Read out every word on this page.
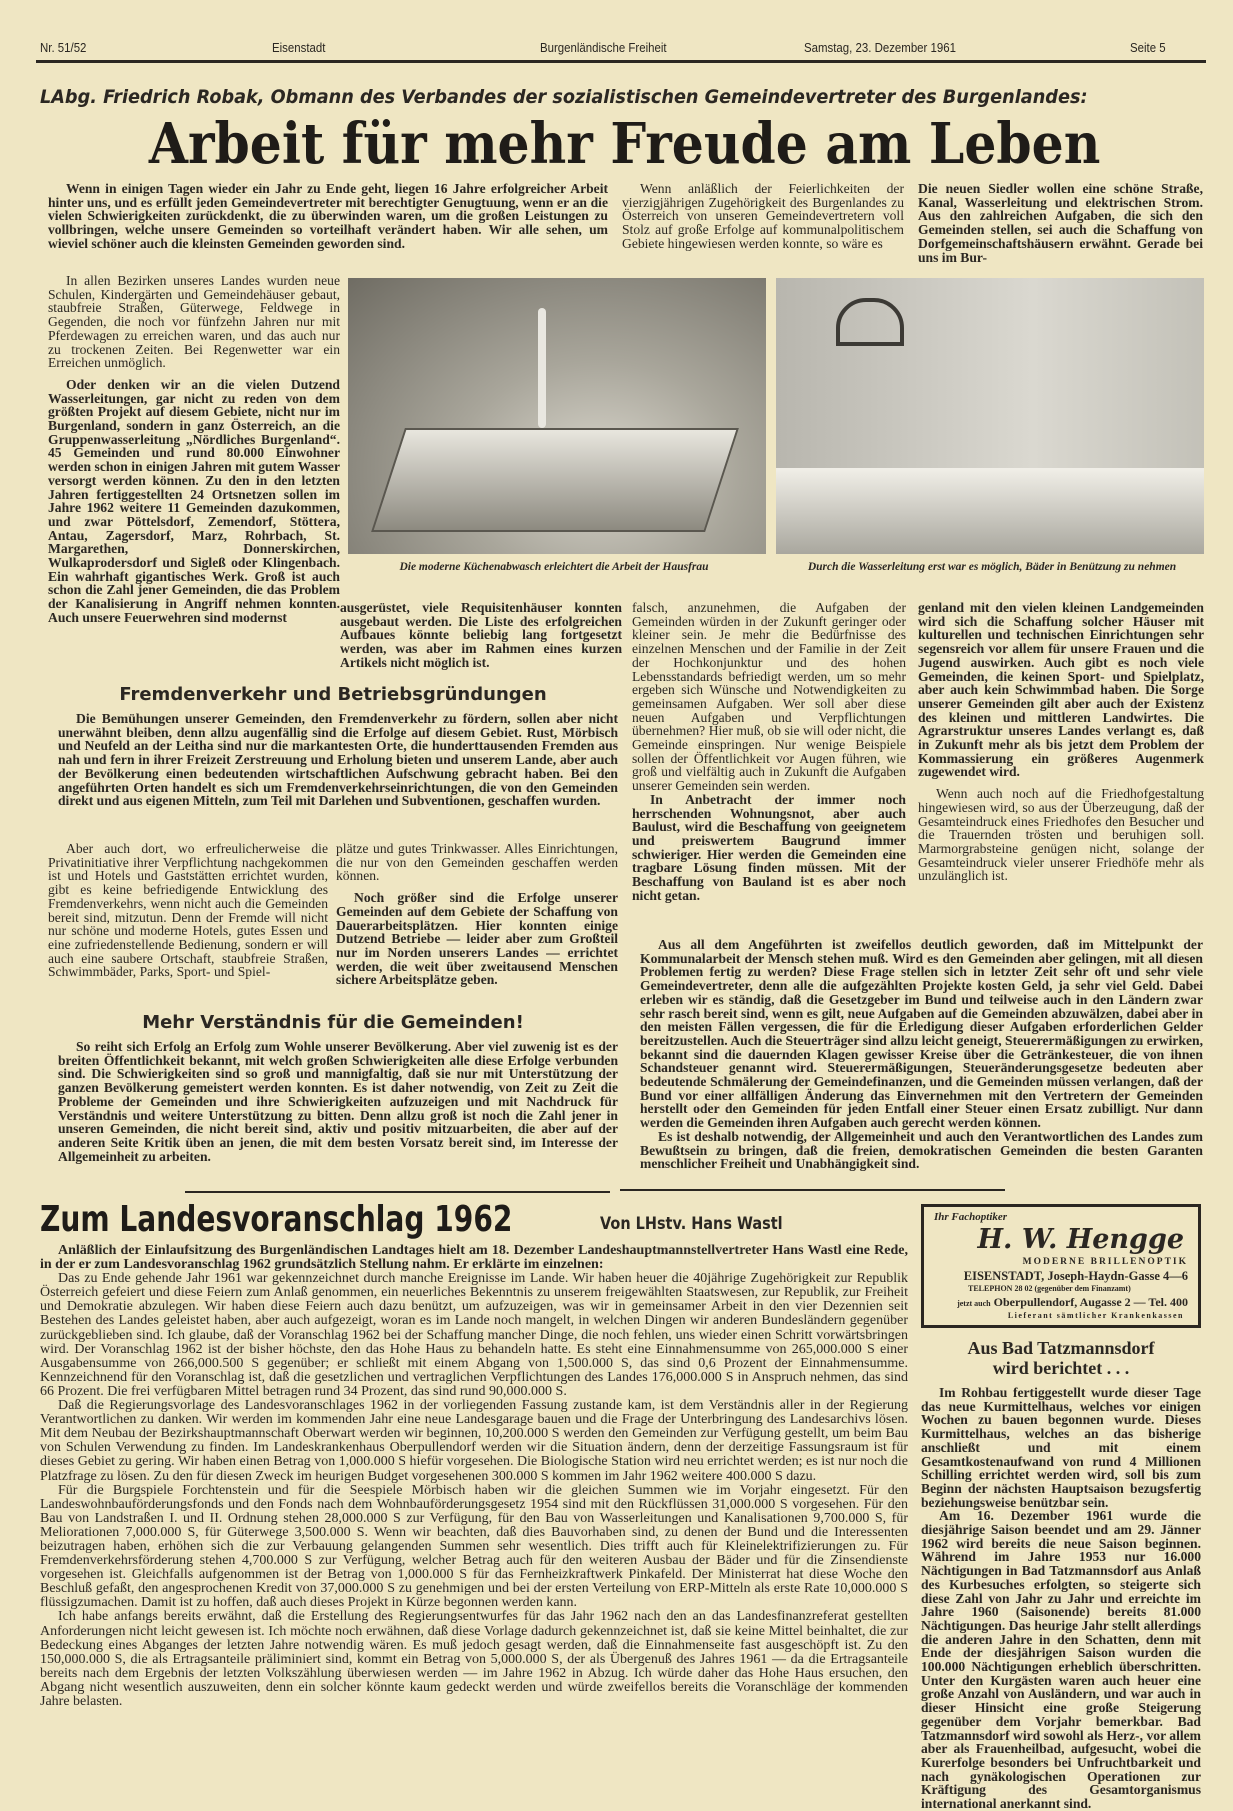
Nr. 51/52	Eisenstadt	Burgenländische Freiheit	Samstag, 23. Dezember 1961	Seite 5
LAbg. Friedrich Robak, Obmann des Verbandes der sozialistischen Gemeindevertreter des Burgenlandes:
Arbeit für mehr Freude am Leben

Wenn in einigen Tagen wieder ein Jahr zu Ende geht, liegen 16 Jahre erfolgreicher Arbeit hinter uns, und es erfüllt jeden Gemeindevertreter mit berechtigter Genugtuung, wenn er an die vielen Schwierigkeiten zurückdenkt, die zu überwinden waren, um die großen Leistungen zu vollbringen, welche unsere Gemeinden so vorteilhaft verändert haben. Wir alle sehen, um wieviel schöner auch die kleinsten Gemeinden geworden sind.

Wenn anläßlich der Feierlichkeiten der vierzigjährigen Zugehörigkeit des Burgenlandes zu Österreich von unseren Gemeindevertretern voll Stolz auf große Erfolge auf kommunalpolitischem Gebiete hingewiesen werden konnte, so wäre es

Die neuen Siedler wollen eine schöne Straße, Kanal, Wasserleitung und elektrischen Strom. Aus den zahlreichen Aufgaben, die sich den Gemeinden stellen, sei auch die Schaffung von Dorfgemeinschaftshäusern erwähnt. Gerade bei uns im Bur-

In allen Bezirken unseres Landes wurden neue Schulen, Kindergärten und Gemeindehäuser gebaut, staubfreie Straßen, Güterwege, Feldwege in Gegenden, die noch vor fünfzehn Jahren nur mit Pferdewagen zu erreichen waren, und das auch nur zu trockenen Zeiten. Bei Regenwetter war ein Erreichen unmöglich.

Oder denken wir an die vielen Dutzend Wasserleitungen, gar nicht zu reden von dem größten Projekt auf diesem Gebiete, nicht nur im Burgenland, sondern in ganz Österreich, an die Gruppenwasserleitung „Nördliches Burgenland“. 45 Gemeinden und rund 80.000 Einwohner werden schon in einigen Jahren mit gutem Wasser versorgt werden können. Zu den in den letzten Jahren fertiggestellten 24 Ortsnetzen sollen im Jahre 1962 weitere 11 Gemeinden dazukommen, und zwar Pöttelsdorf, Zemendorf, Stöttera, Antau, Zagersdorf, Marz, Rohrbach, St. Margarethen, Donnerskirchen, Wulkaprodersdorf und Sigleß oder Klingenbach. Ein wahrhaft gigantisches Werk. Groß ist auch schon die Zahl jener Gemeinden, die das Problem der Kanalisierung in Angriff nehmen konnten. Auch unsere Feuerwehren sind modernst

Die moderne Küchenabwasch erleichtert die Arbeit der Hausfrau	Durch die Wasserleitung erst war es möglich, Bäder in Benützung zu nehmen

ausgerüstet, viele Requisitenhäuser konnten ausgebaut werden. Die Liste des erfolgreichen Aufbaues könnte beliebig lang fortgesetzt werden, was aber im Rahmen eines kurzen Artikels nicht möglich ist.

falsch, anzunehmen, die Aufgaben der Gemeinden würden in der Zukunft geringer oder kleiner sein. Je mehr die Bedürfnisse des einzelnen Menschen und der Familie in der Zeit der Hochkonjunktur und des hohen Lebensstandards befriedigt werden, um so mehr ergeben sich Wünsche und Notwendigkeiten zu gemeinsamen Aufgaben. Wer soll aber diese neuen Aufgaben und Verpflichtungen übernehmen? Hier muß, ob sie will oder nicht, die Gemeinde einspringen. Nur wenige Beispiele sollen der Öffentlichkeit vor Augen führen, wie groß und vielfältig auch in Zukunft die Aufgaben unserer Gemeinden sein werden.

In Anbetracht der immer noch herrschenden Wohnungsnot, aber auch Baulust, wird die Beschaffung von geeignetem und preiswertem Baugrund immer schwieriger. Hier werden die Gemeinden eine tragbare Lösung finden müssen. Mit der Beschaffung von Bauland ist es aber noch nicht getan.

genland mit den vielen kleinen Landgemeinden wird sich die Schaffung solcher Häuser mit kulturellen und technischen Einrichtungen sehr segensreich vor allem für unsere Frauen und die Jugend auswirken. Auch gibt es noch viele Gemeinden, die keinen Sport- und Spielplatz, aber auch kein Schwimmbad haben. Die Sorge unserer Gemeinden gilt aber auch der Existenz des kleinen und mittleren Landwirtes. Die Agrarstruktur unseres Landes verlangt es, daß in Zukunft mehr als bis jetzt dem Problem der Kommassierung ein größeres Augenmerk zugewendet wird.

Wenn auch noch auf die Friedhofgestaltung hingewiesen wird, so aus der Überzeugung, daß der Gesamteindruck eines Friedhofes den Besucher und die Trauernden trösten und beruhigen soll. Marmorgrabsteine genügen nicht, solange der Gesamteindruck vieler unserer Friedhöfe mehr als unzulänglich ist.

Fremdenverkehr und Betriebsgründungen

Die Bemühungen unserer Gemeinden, den Fremdenverkehr zu fördern, sollen aber nicht unerwähnt bleiben, denn allzu augenfällig sind die Erfolge auf diesem Gebiet. Rust, Mörbisch und Neufeld an der Leitha sind nur die markantesten Orte, die hunderttausenden Fremden aus nah und fern in ihrer Freizeit Zerstreuung und Erholung bieten und unserem Lande, aber auch der Bevölkerung einen bedeutenden wirtschaftlichen Aufschwung gebracht haben. Bei den angeführten Orten handelt es sich um Fremdenverkehrseinrichtungen, die von den Gemeinden direkt und aus eigenen Mitteln, zum Teil mit Darlehen und Subventionen, geschaffen wurden.

Aber auch dort, wo erfreulicherweise die Privatinitiative ihrer Verpflichtung nachgekommen ist und Hotels und Gaststätten errichtet wurden, gibt es keine befriedigende Entwicklung des Fremdenverkehrs, wenn nicht auch die Gemeinden bereit sind, mitzutun. Denn der Fremde will nicht nur schöne und moderne Hotels, gutes Essen und eine zufriedenstellende Bedienung, sondern er will auch eine saubere Ortschaft, staubfreie Straßen, Schwimmbäder, Parks, Sport- und Spiel-

plätze und gutes Trinkwasser. Alles Einrichtungen, die nur von den Gemeinden geschaffen werden können.

Noch größer sind die Erfolge unserer Gemeinden auf dem Gebiete der Schaffung von Dauerarbeitsplätzen. Hier konnten einige Dutzend Betriebe — leider aber zum Großteil nur im Norden unserers Landes — errichtet werden, die weit über zweitausend Menschen sichere Arbeitsplätze geben.

Aus all dem Angeführten ist zweifellos deutlich geworden, daß im Mittelpunkt der Kommunalarbeit der Mensch stehen muß. Wird es den Gemeinden aber gelingen, mit all diesen Problemen fertig zu werden? Diese Frage stellen sich in letzter Zeit sehr oft und sehr viele Gemeindevertreter, denn alle die aufgezählten Projekte kosten Geld, ja sehr viel Geld. Dabei erleben wir es ständig, daß die Gesetzgeber im Bund und teilweise auch in den Ländern zwar sehr rasch bereit sind, wenn es gilt, neue Aufgaben auf die Gemeinden abzuwälzen, dabei aber in den meisten Fällen vergessen, die für die Erledigung dieser Aufgaben erforderlichen Gelder bereitzustellen. Auch die Steuerträger sind allzu leicht geneigt, Steuerermäßigungen zu erwirken, bekannt sind die dauernden Klagen gewisser Kreise über die Getränkesteuer, die von ihnen Schandsteuer genannt wird. Steuerermäßigungen, Steueränderungsgesetze bedeuten aber bedeutende Schmälerung der Gemeindefinanzen, und die Gemeinden müssen verlangen, daß der Bund vor einer allfälligen Änderung das Einvernehmen mit den Vertretern der Gemeinden herstellt oder den Gemeinden für jeden Entfall einer Steuer einen Ersatz zubilligt. Nur dann werden die Gemeinden ihren Aufgaben auch gerecht werden können.

Es ist deshalb notwendig, der Allgemeinheit und auch den Verantwortlichen des Landes zum Bewußtsein zu bringen, daß die freien, demokratischen Gemeinden die besten Garanten menschlicher Freiheit und Unabhängigkeit sind.

Mehr Verständnis für die Gemeinden!

So reiht sich Erfolg an Erfolg zum Wohle unserer Bevölkerung. Aber viel zuwenig ist es der breiten Öffentlichkeit bekannt, mit welch großen Schwierigkeiten alle diese Erfolge verbunden sind. Die Schwierigkeiten sind so groß und mannigfaltig, daß sie nur mit Unterstützung der ganzen Bevölkerung gemeistert werden konnten. Es ist daher notwendig, von Zeit zu Zeit die Probleme der Gemeinden und ihre Schwierigkeiten aufzuzeigen und mit Nachdruck für Verständnis und weitere Unterstützung zu bitten. Denn allzu groß ist noch die Zahl jener in unseren Gemeinden, die nicht bereit sind, aktiv und positiv mitzuarbeiten, die aber auf der anderen Seite Kritik üben an jenen, die mit dem besten Vorsatz bereit sind, im Interesse der Allgemeinheit zu arbeiten.

Zum Landesvoranschlag 1962	Von LHstv. Hans Wastl

Anläßlich der Einlaufsitzung des Burgenländischen Landtages hielt am 18. Dezember Landeshauptmannstellvertreter Hans Wastl eine Rede, in der er zum Landesvoranschlag 1962 grundsätzlich Stellung nahm. Er erklärte im einzelnen:

Das zu Ende gehende Jahr 1961 war gekennzeichnet durch manche Ereignisse im Lande. Wir haben heuer die 40jährige Zugehörigkeit zur Republik Österreich gefeiert und diese Feiern zum Anlaß genommen, ein neuerliches Bekenntnis zu unserem freigewählten Staatswesen, zur Republik, zur Freiheit und Demokratie abzulegen. Wir haben diese Feiern auch dazu benützt, um aufzuzeigen, was wir in gemeinsamer Arbeit in den vier Dezennien seit Bestehen des Landes geleistet haben, aber auch aufgezeigt, woran es im Lande noch mangelt, in welchen Dingen wir anderen Bundesländern gegenüber zurückgeblieben sind. Ich glaube, daß der Voranschlag 1962 bei der Schaffung mancher Dinge, die noch fehlen, uns wieder einen Schritt vorwärtsbringen wird. Der Voranschlag 1962 ist der bisher höchste, den das Hohe Haus zu behandeln hatte. Es steht eine Einnahmensumme von 265,000.000 S einer Ausgabensumme von 266,000.500 S gegenüber; er schließt mit einem Abgang von 1,500.000 S, das sind 0,6 Prozent der Einnahmensumme. Kennzeichnend für den Voranschlag ist, daß die gesetzlichen und vertraglichen Verpflichtungen des Landes 176,000.000 S in Anspruch nehmen, das sind 66 Prozent. Die frei verfügbaren Mittel betragen rund 34 Prozent, das sind rund 90,000.000 S.

Daß die Regierungsvorlage des Landesvoranschlages 1962 in der vorliegenden Fassung zustande kam, ist dem Verständnis aller in der Regierung Verantwortlichen zu danken. Wir werden im kommenden Jahr eine neue Landesgarage bauen und die Frage der Unterbringung des Landesarchivs lösen. Mit dem Neubau der Bezirkshauptmannschaft Oberwart werden wir beginnen, 10,200.000 S werden den Gemeinden zur Verfügung gestellt, um beim Bau von Schulen Verwendung zu finden. Im Landeskrankenhaus Oberpullendorf werden wir die Situation ändern, denn der derzeitige Fassungsraum ist für dieses Gebiet zu gering. Wir haben einen Betrag von 1,000.000 S hiefür vorgesehen. Die Biologische Station wird neu errichtet werden; es ist nur noch die Platzfrage zu lösen. Zu den für diesen Zweck im heurigen Budget vorgesehenen 300.000 S kommen im Jahr 1962 weitere 400.000 S dazu.

Für die Burgspiele Forchtenstein und für die Seespiele Mörbisch haben wir die gleichen Summen wie im Vorjahr eingesetzt. Für den Landeswohnbauförderungsfonds und den Fonds nach dem Wohnbauförderungsgesetz 1954 sind mit den Rückflüssen 31,000.000 S vorgesehen. Für den Bau von Landstraßen I. und II. Ordnung stehen 28,000.000 S zur Verfügung, für den Bau von Wasserleitungen und Kanalisationen 9,700.000 S, für Meliorationen 7,000.000 S, für Güterwege 3,500.000 S. Wenn wir beachten, daß dies Bauvorhaben sind, zu denen der Bund und die Interessenten beizutragen haben, erhöhen sich die zur Verbauung gelangenden Summen sehr wesentlich. Dies trifft auch für Kleinelektrifizierungen zu. Für Fremdenverkehrsförderung stehen 4,700.000 S zur Verfügung, welcher Betrag auch für den weiteren Ausbau der Bäder und für die Zinsendienste vorgesehen ist. Gleichfalls aufgenommen ist der Betrag von 1,000.000 S für das Fernheizkraftwerk Pinkafeld. Der Ministerrat hat diese Woche den Beschluß gefaßt, den angesprochenen Kredit von 37,000.000 S zu genehmigen und bei der ersten Verteilung von ERP-Mitteln als erste Rate 10,000.000 S flüssigzumachen. Damit ist zu hoffen, daß auch dieses Projekt in Kürze begonnen werden kann.

Ich habe anfangs bereits erwähnt, daß die Erstellung des Regierungsentwurfes für das Jahr 1962 nach den an das Landesfinanzreferat gestellten Anforderungen nicht leicht gewesen ist. Ich möchte noch erwähnen, daß diese Vorlage dadurch gekennzeichnet ist, daß sie keine Mittel beinhaltet, die zur Bedeckung eines Abganges der letzten Jahre notwendig wären. Es muß jedoch gesagt werden, daß die Einnahmenseite fast ausgeschöpft ist. Zu den 150,000.000 S, die als Ertragsanteile präliminiert sind, kommt ein Betrag von 5,000.000 S, der als Übergenuß des Jahres 1961 — da die Ertragsanteile bereits nach dem Ergebnis der letzten Volkszählung überwiesen werden — im Jahre 1962 in Abzug. Ich würde daher das Hohe Haus ersuchen, den Abgang nicht wesentlich auszuweiten, denn ein solcher könnte kaum gedeckt werden und würde zweifellos bereits die Voranschläge der kommenden Jahre belasten.

Ihr Fachoptiker
H. W. Hengge
MODERNE BRILLENOPTIK
EISENSTADT, Joseph-Haydn-Gasse 4—6
TELEPHON 28 02 (gegenüber dem Finanzamt)
jetzt auch Oberpullendorf, Augasse 2 — Tel. 400
Lieferant sämtlicher Krankenkassen
Aus Bad Tatzmannsdorf wird berichtet . . .

Im Rohbau fertiggestellt wurde dieser Tage das neue Kurmittelhaus, welches vor einigen Wochen zu bauen begonnen wurde. Dieses Kurmittelhaus, welches an das bisherige anschließt und mit einem Gesamtkostenaufwand von rund 4 Millionen Schilling errichtet werden wird, soll bis zum Beginn der nächsten Hauptsaison bezugsfertig beziehungsweise benützbar sein.

Am 16. Dezember 1961 wurde die diesjährige Saison beendet und am 29. Jänner 1962 wird bereits die neue Saison beginnen. Während im Jahre 1953 nur 16.000 Nächtigungen in Bad Tatzmannsdorf aus Anlaß des Kurbesuches erfolgten, so steigerte sich diese Zahl von Jahr zu Jahr und erreichte im Jahre 1960 (Saisonende) bereits 81.000 Nächtigungen. Das heurige Jahr stellt allerdings die anderen Jahre in den Schatten, denn mit Ende der diesjährigen Saison wurden die 100.000 Nächtigungen erheblich überschritten. Unter den Kurgästen waren auch heuer eine große Anzahl von Ausländern, und war auch in dieser Hinsicht eine große Steigerung gegenüber dem Vorjahr bemerkbar. Bad Tatzmannsdorf wird sowohl als Herz-, vor allem aber als Frauenheilbad, aufgesucht, wobei die Kurerfolge besonders bei Unfruchtbarkeit und nach gynäkologischen Operationen zur Kräftigung des Gesamtorganismus international anerkannt sind.
